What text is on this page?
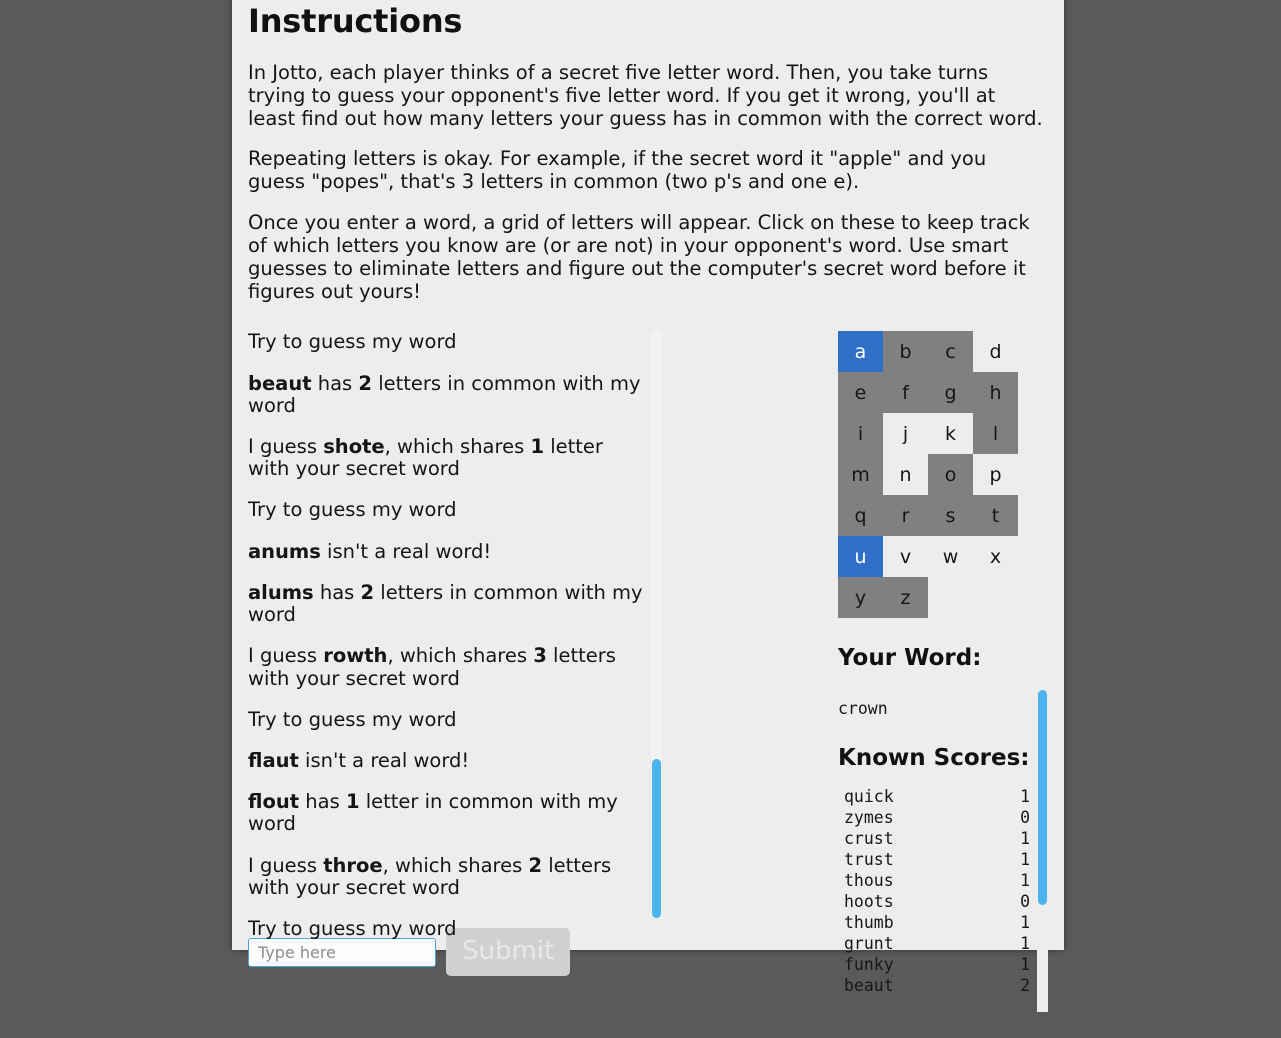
Instructions

In Jotto, each player thinks of a secret five letter word. Then, you take turns trying to guess your opponent's five letter word. If you get it wrong, you'll at least find out how many letters your guess has in common with the correct word.

Repeating letters is okay. For example, if the secret word it "apple" and you guess "popes", that's 3 letters in common (two p's and one e).

Once you enter a word, a grid of letters will appear. Click on these to keep track of which letters you know are (or are not) in your opponent's word. Use smart guesses to eliminate letters and figure out the computer's secret word before it figures out yours!

Try to guess my word

beaut has 2 letters in common with my word

I guess shote, which shares 1 letter with your secret word

Try to guess my word

anums isn't a real word!

alums has 2 letters in common with my word

I guess rowth, which shares 3 letters with your secret word

Try to guess my word

flaut isn't a real word!

flout has 1 letter in common with my word

I guess throe, which shares 2 letters with your secret word

Try to guess my word

Type here
Submit
a	b	c	d
e	f	g	h
i	j	k	l
m	n	o	p
q	r	s	t
u	v	w	x
y	z
Your Word:
crown
Known Scores:
quick	1
zymes	0
crust	1
trust	1
thous	1
hoots	0
thumb	1
grunt	1
funky	1
beaut	2
